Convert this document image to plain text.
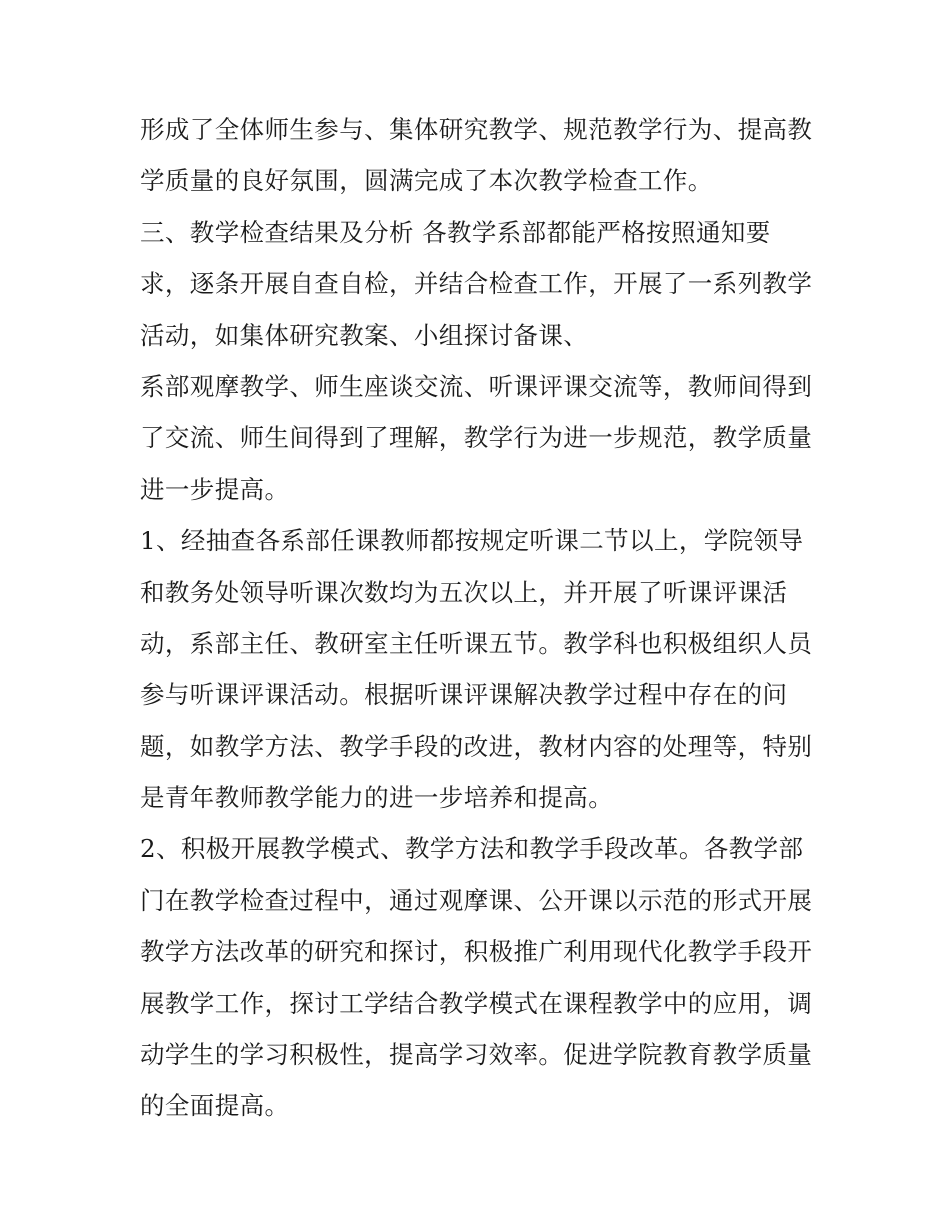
形成了全体师生参与、集体研究教学、规范教学行为、提高教
学质量的良好氛围，圆满完成了本次教学检查工作。
三、教学检查结果及分析 各教学系部都能严格按照通知要
求，逐条开展自查自检，并结合检查工作，开展了一系列教学
活动，如集体研究教案、小组探讨备课、
系部观摩教学、师生座谈交流、听课评课交流等，教师间得到
了交流、师生间得到了理解，教学行为进一步规范，教学质量
进一步提高。
1、经抽查各系部任课教师都按规定听课二节以上，学院领导
和教务处领导听课次数均为五次以上，并开展了听课评课活
动，系部主任、教研室主任听课五节。教学科也积极组织人员
参与听课评课活动。根据听课评课解决教学过程中存在的问
题，如教学方法、教学手段的改进，教材内容的处理等，特别
是青年教师教学能力的进一步培养和提高。
2、积极开展教学模式、教学方法和教学手段改革。各教学部
门在教学检查过程中，通过观摩课、公开课以示范的形式开展
教学方法改革的研究和探讨，积极推广利用现代化教学手段开
展教学工作，探讨工学结合教学模式在课程教学中的应用，调
动学生的学习积极性，提高学习效率。促进学院教育教学质量
的全面提高。
